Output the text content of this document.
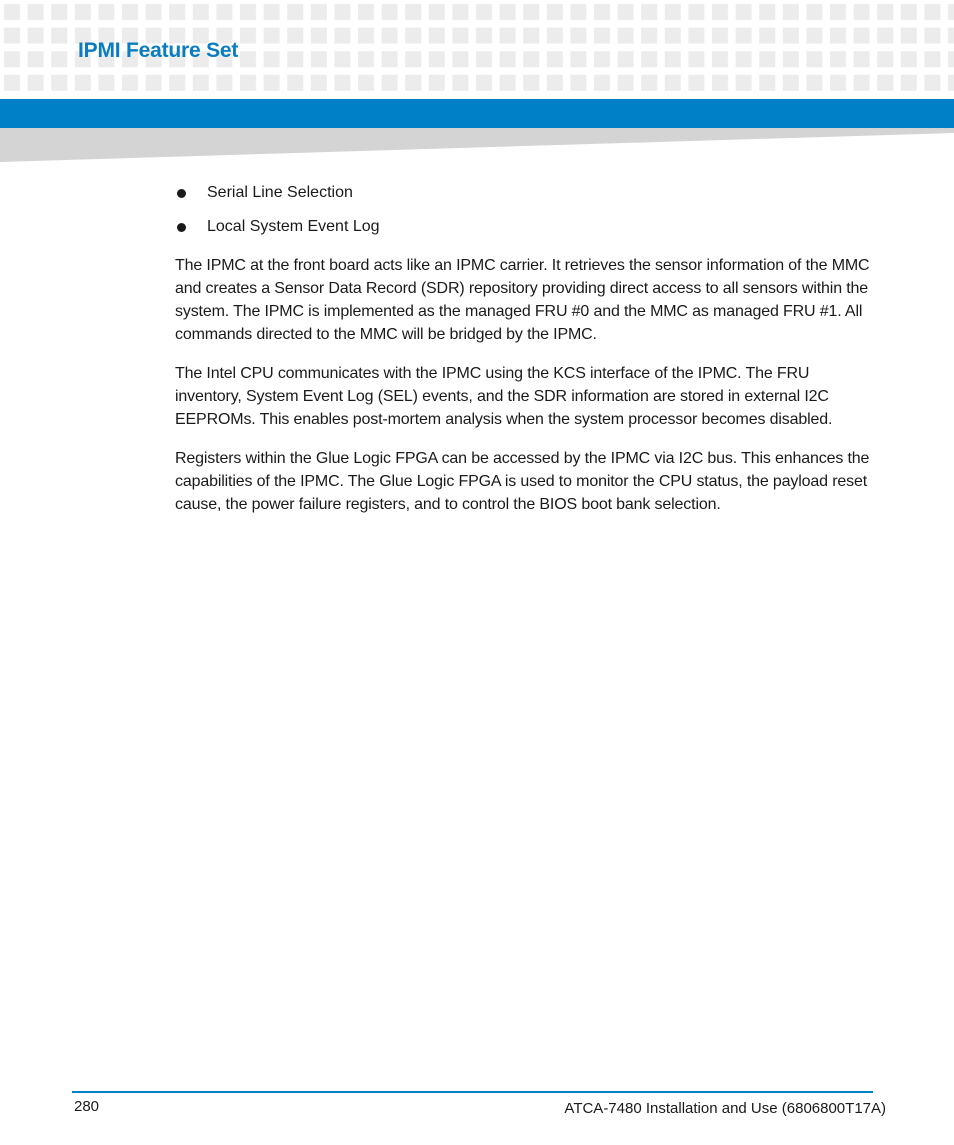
IPMI Feature Set
Serial Line Selection
Local System Event Log

The IPMC at the front board acts like an IPMC carrier. It retrieves the sensor information of the MMC and creates a Sensor Data Record (SDR) repository providing direct access to all sensors within the system. The IPMC is implemented as the managed FRU #0 and the MMC as managed FRU #1. All commands directed to the MMC will be bridged by the IPMC.

The Intel CPU communicates with the IPMC using the KCS interface of the IPMC. The FRU inventory, System Event Log (SEL) events, and the SDR information are stored in external I2C EEPROMs. This enables post-mortem analysis when the system processor becomes disabled.

Registers within the Glue Logic FPGA can be accessed by the IPMC via I2C bus. This enhances the capabilities of the IPMC. The Glue Logic FPGA is used to monitor the CPU status, the payload reset cause, the power failure registers, and to control the BIOS boot bank selection.

280	ATCA-7480 Installation and Use (6806800T17A)
